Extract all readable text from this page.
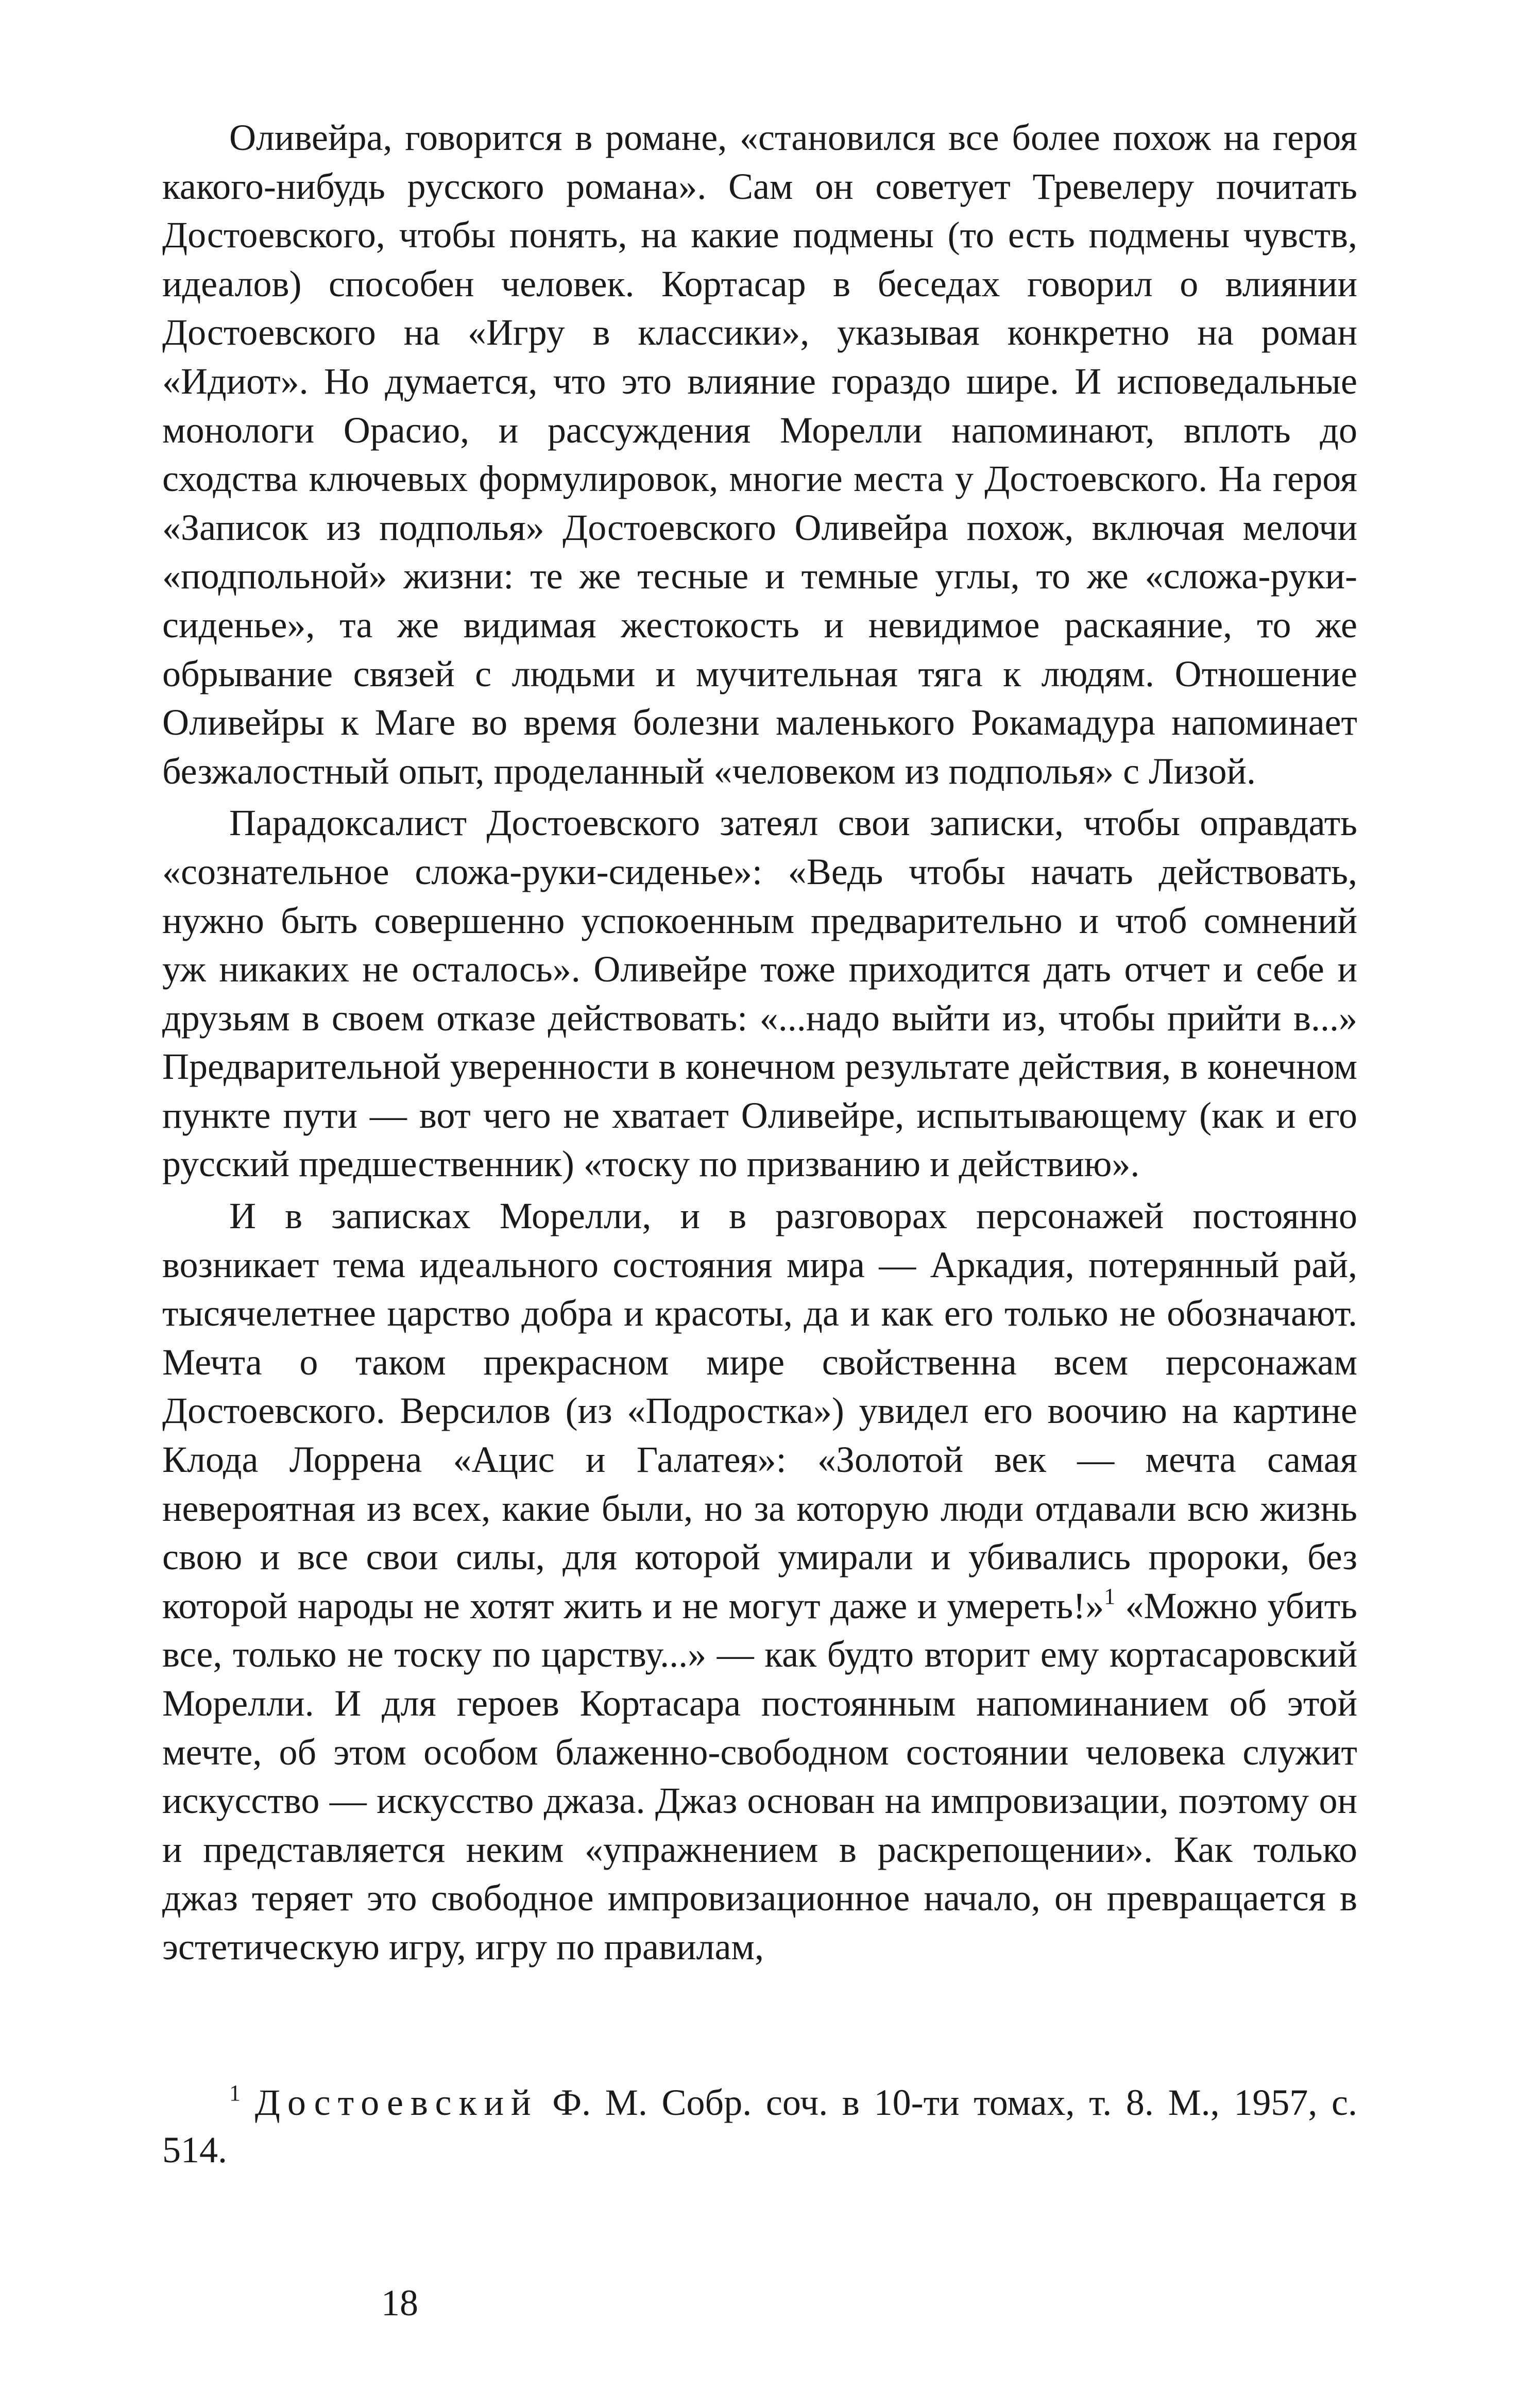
Оливейра, говорится в романе, «становился все более похож на героя какого-нибудь русского романа». Сам он советует Тревелеру почитать Достоевского, чтобы понять, на какие подмены (то есть подмены чувств, идеалов) способен человек. Кортасар в беседах говорил о влиянии Достоевского на «Игру в классики», указывая конкретно на роман «Идиот». Но думается, что это влияние гораздо шире. И исповедальные монологи Орасио, и рассуждения Морелли напоминают, вплоть до сходства ключевых формулировок, многие места у Достоевского. На героя «Записок из подполья» Достоевского Оливейра похож, включая мелочи «подпольной» жизни: те же тесные и темные углы, то же «сложа-руки-сиденье», та же видимая жестокость и невидимое раскаяние, то же обрывание связей с людьми и мучительная тяга к людям. Отношение Оливейры к Маге во время болезни маленького Рокамадура напоминает безжалостный опыт, проделанный «человеком из подполья» с Лизой.

Парадоксалист Достоевского затеял свои записки, чтобы оправдать «сознательное сложа-руки-сиденье»: «Ведь чтобы начать действовать, нужно быть совершенно успокоенным предварительно и чтоб сомнений уж никаких не осталось». Оливейре тоже приходится дать отчет и себе и друзьям в своем отказе действовать: «...надо выйти из, чтобы прийти в...» Предварительной уверенности в конечном результате действия, в конечном пункте пути — вот чего не хватает Оливейре, испытывающему (как и его русский предшественник) «тоску по призванию и действию».

И в записках Морелли, и в разговорах персонажей постоянно возникает тема идеального состояния мира — Аркадия, потерянный рай, тысячелетнее царство добра и красоты, да и как его только не обозначают. Мечта о таком прекрасном мире свойственна всем персонажам Достоевского. Версилов (из «Подростка») увидел его воочию на картине Клода Лоррена «Ацис и Галатея»: «Золотой век — мечта самая невероятная из всех, какие были, но за которую люди отдавали всю жизнь свою и все свои силы, для которой умирали и убивались пророки, без которой народы не хотят жить и не могут даже и умереть!»$^1$ «Можно убить все, только не тоску по царству...» — как будто вторит ему кортасаровский Морелли. И для героев Кортасара постоянным напоминанием об этой мечте, об этом особом блаженно-свободном состоянии человека служит искусство — искусство джаза. Джаз основан на импровизации, поэтому он и представляется неким «упражнением в раскрепощении». Как только джаз теряет это свободное импровизационное начало, он превращается в эстетическую игру, игру по правилам,

$^1$ Достоевский Ф. М. Собр. соч. в 10-ти томах, т. 8. М., 1957, с. 514.

18
